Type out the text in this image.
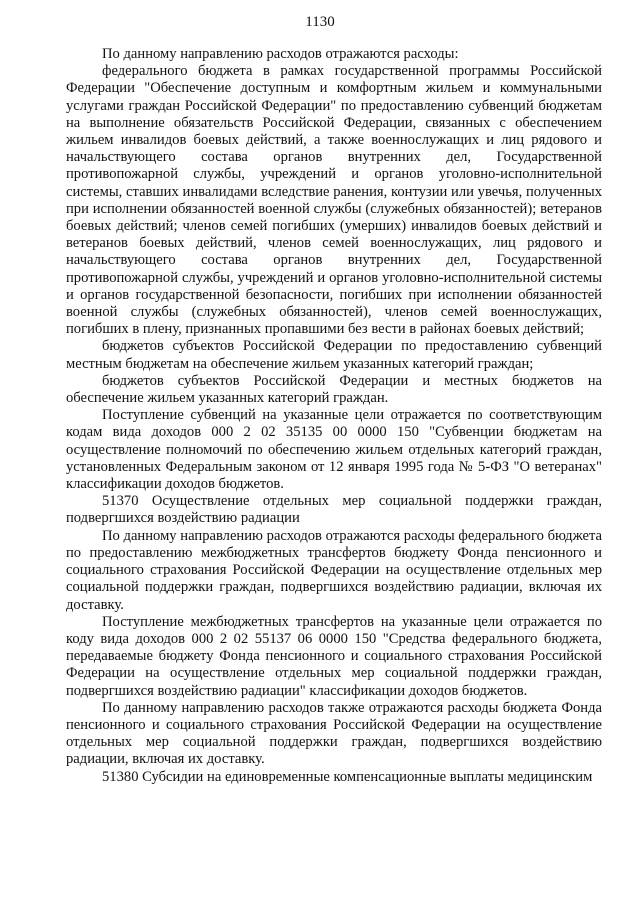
1130

По данному направлению расходов отражаются расходы:

федерального бюджета в рамках государственной программы Российской Федерации "Обеспечение доступным и комфортным жильем и коммунальными услугами граждан Российской Федерации" по предоставлению субвенций бюджетам на выполнение обязательств Российской Федерации, связанных с обеспечением жильем инвалидов боевых действий, а также военнослужащих и лиц рядового и начальствующего состава органов внутренних дел, Государственной противопожарной службы, учреждений и органов уголовно-исполнительной системы, ставших инвалидами вследствие ранения, контузии или увечья, полученных при исполнении обязанностей военной службы (служебных обязанностей); ветеранов боевых действий; членов семей погибших (умерших) инвалидов боевых действий и ветеранов боевых действий, членов семей военнослужащих, лиц рядового и начальствующего состава органов внутренних дел, Государственной противопожарной службы, учреждений и органов уголовно-исполнительной системы и органов государственной безопасности, погибших при исполнении обязанностей военной службы (служебных обязанностей), членов семей военнослужащих, погибших в плену, признанных пропавшими без вести в районах боевых действий;

бюджетов субъектов Российской Федерации по предоставлению субвенций местным бюджетам на обеспечение жильем указанных категорий граждан;

бюджетов субъектов Российской Федерации и местных бюджетов на обеспечение жильем указанных категорий граждан.

Поступление субвенций на указанные цели отражается по соответствующим кодам вида доходов 000 2 02 35135 00 0000 150 "Субвенции бюджетам на осуществление полномочий по обеспечению жильем отдельных категорий граждан, установленных Федеральным законом от 12 января 1995 года № 5-ФЗ "О ветеранах" классификации доходов бюджетов.

51370 Осуществление отдельных мер социальной поддержки граждан, подвергшихся воздействию радиации

По данному направлению расходов отражаются расходы федерального бюджета по предоставлению межбюджетных трансфертов бюджету Фонда пенсионного и социального страхования Российской Федерации на осуществление отдельных мер социальной поддержки граждан, подвергшихся воздействию радиации, включая их доставку.

Поступление межбюджетных трансфертов на указанные цели отражается по коду вида доходов 000 2 02 55137 06 0000 150 "Средства федерального бюджета, передаваемые бюджету Фонда пенсионного и социального страхования Российской Федерации на осуществление отдельных мер социальной поддержки граждан, подвергшихся воздействию радиации" классификации доходов бюджетов.

По данному направлению расходов также отражаются расходы бюджета Фонда пенсионного и социального страхования Российской Федерации на осуществление отдельных мер социальной поддержки граждан, подвергшихся воздействию радиации, включая их доставку.

51380 Субсидии на единовременные компенсационные выплаты медицинским
